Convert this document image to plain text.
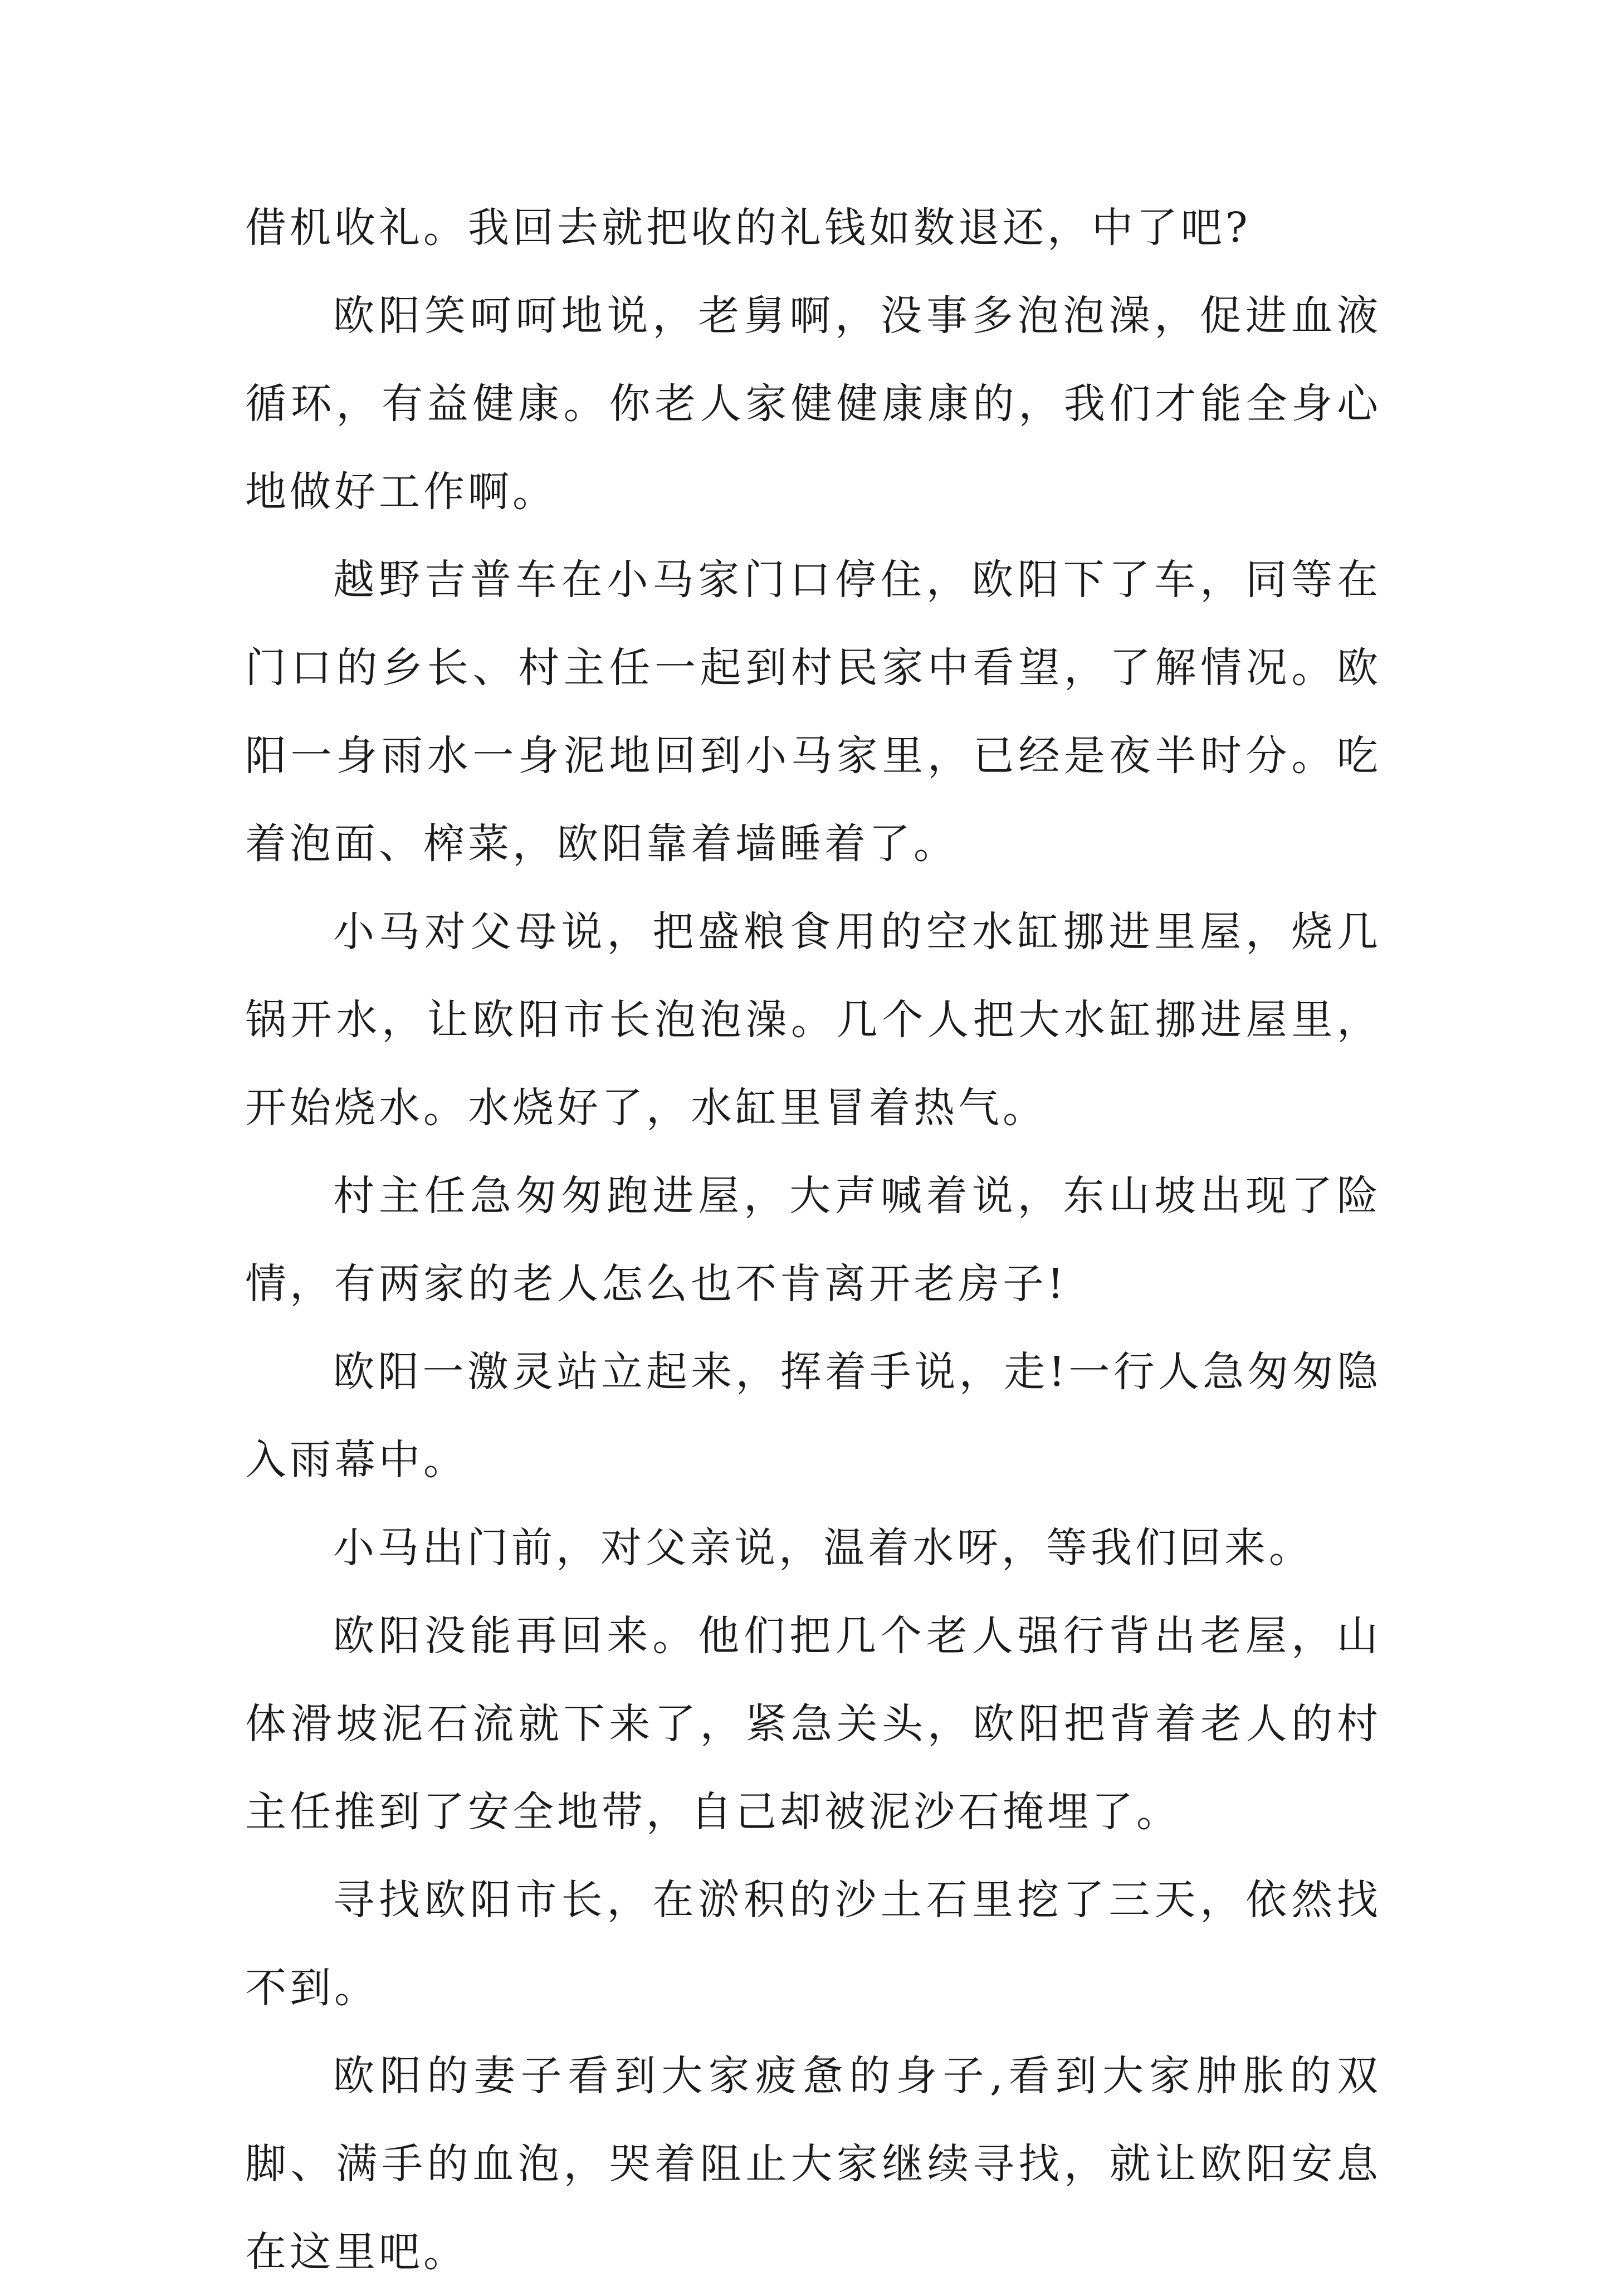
借机收礼。我回去就把收的礼钱如数退还，中了吧?

欧阳笑呵呵地说，老舅啊，没事多泡泡澡，促进血液循环，有益健康。你老人家健健康康的，我们才能全身心地做好工作啊。

越野吉普车在小马家门口停住，欧阳下了车，同等在门口的乡长、村主任一起到村民家中看望，了解情况。欧阳一身雨水一身泥地回到小马家里，已经是夜半时分。吃着泡面、榨菜，欧阳靠着墙睡着了。

小马对父母说，把盛粮食用的空水缸挪进里屋，烧几锅开水，让欧阳市长泡泡澡。几个人把大水缸挪进屋里，开始烧水。水烧好了，水缸里冒着热气。

村主任急匆匆跑进屋，大声喊着说，东山坡出现了险情，有两家的老人怎么也不肯离开老房子!

欧阳一激灵站立起来，挥着手说，走!一行人急匆匆隐入雨幕中。

小马出门前，对父亲说，温着水呀，等我们回来。

欧阳没能再回来。他们把几个老人强行背出老屋，山体滑坡泥石流就下来了，紧急关头，欧阳把背着老人的村主任推到了安全地带，自己却被泥沙石掩埋了。

寻找欧阳市长，在淤积的沙土石里挖了三天，依然找不到。

欧阳的妻子看到大家疲惫的身子,看到大家肿胀的双脚、满手的血泡，哭着阻止大家继续寻找，就让欧阳安息在这里吧。
